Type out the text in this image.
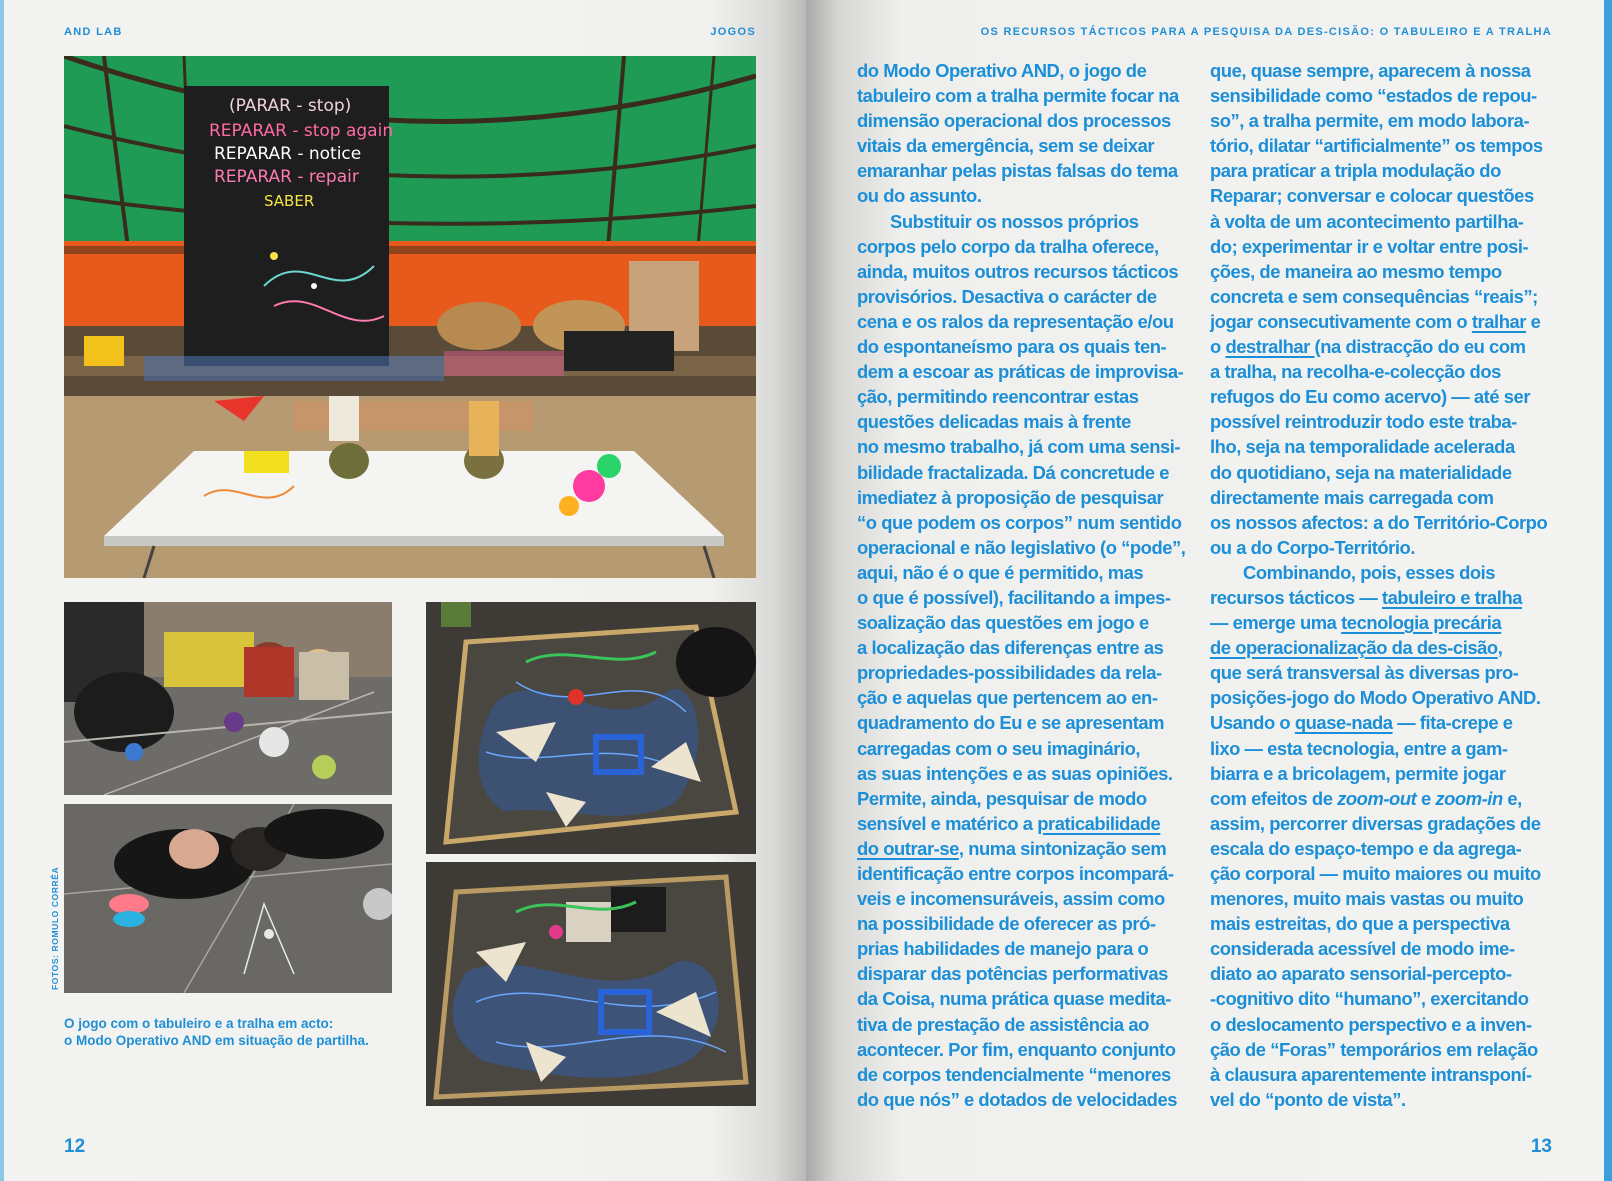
AND LAB	JOGOS
(PARAR - stop)
REPARAR - stop again
REPARAR - notice
REPARAR - repair
SABER
FOTOS: ROMULO CORRÊA
O jogo com o tabuleiro e a tralha em acto:
o Modo Operativo AND em situação de partilha.
12
OS RECURSOS TÁCTICOS PARA A PESQUISA DA DES-CISÃO: O TABULEIRO E A TRALHA
do Modo Operativo AND, o jogo de
tabuleiro com a tralha permite focar na
dimensão operacional dos processos
vitais da emergência, sem se deixar
emaranhar pelas pistas falsas do tema
ou do assunto.
Substituir os nossos próprios
corpos pelo corpo da tralha oferece,
ainda, muitos outros recursos tácticos
provisórios. Desactiva o carácter de
cena e os ralos da representação e/ou
do espontaneísmo para os quais ten-
dem a escoar as práticas de improvisa-
ção, permitindo reencontrar estas
questões delicadas mais à frente
no mesmo trabalho, já com uma sensi-
bilidade fractalizada. Dá concretude e
imediatez à proposição de pesquisar
“o que podem os corpos” num sentido
operacional e não legislativo (o “pode”,
aqui, não é o que é permitido, mas
o que é possível), facilitando a impes-
soalização das questões em jogo e
a localização das diferenças entre as
propriedades-possibilidades da rela-
ção e aquelas que pertencem ao en-
quadramento do Eu e se apresentam
carregadas com o seu imaginário,
as suas intenções e as suas opiniões.
Permite, ainda, pesquisar de modo
sensível e matérico a praticabilidade
do outrar-se, numa sintonização sem
identificação entre corpos incompará-
veis e incomensuráveis, assim como
na possibilidade de oferecer as pró-
prias habilidades de manejo para o
disparar das potências performativas
da Coisa, numa prática quase medita-
tiva de prestação de assistência ao
acontecer. Por fim, enquanto conjunto
de corpos tendencialmente “menores
do que nós” e dotados de velocidades
que, quase sempre, aparecem à nossa
sensibilidade como “estados de repou-
so”, a tralha permite, em modo labora-
tório, dilatar “artificialmente” os tempos
para praticar a tripla modulação do
Reparar; conversar e colocar questões
à volta de um acontecimento partilha-
do; experimentar ir e voltar entre posi-
ções, de maneira ao mesmo tempo
concreta e sem consequências “reais”;
jogar consecutivamente com o tralhar e
o destralhar (na distracção do eu com
a tralha, na recolha-e-colecção dos
refugos do Eu como acervo) — até ser
possível reintroduzir todo este traba-
lho, seja na temporalidade acelerada
do quotidiano, seja na materialidade
directamente mais carregada com
os nossos afectos: a do Território-Corpo
ou a do Corpo-Território.
Combinando, pois, esses dois
recursos tácticos — tabuleiro e tralha
— emerge uma tecnologia precária
de operacionalização da des-cisão,
que será transversal às diversas pro-
posições-jogo do Modo Operativo AND.
Usando o quase-nada — fita-crepe e
lixo — esta tecnologia, entre a gam-
biarra e a bricolagem, permite jogar
com efeitos de zoom-out e zoom-in e,
assim, percorrer diversas gradações de
escala do espaço-tempo e da agrega-
ção corporal — muito maiores ou muito
menores, muito mais vastas ou muito
mais estreitas, do que a perspectiva
considerada acessível de modo ime-
diato ao aparato sensorial-percepto-
-cognitivo dito “humano”, exercitando
o deslocamento perspectivo e a inven-
ção de “Foras” temporários em relação
à clausura aparentemente intransponí-
vel do “ponto de vista”.
13
